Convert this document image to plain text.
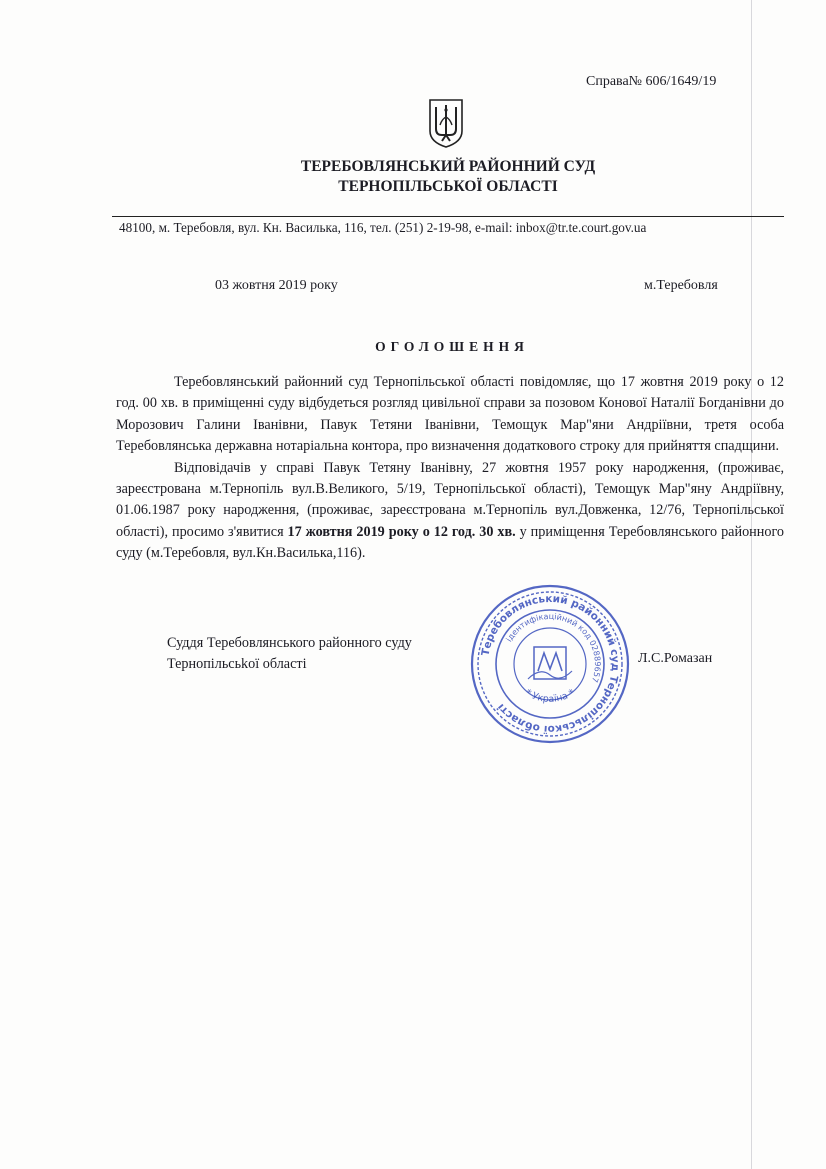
Справа№ 606/1649/19
ТЕРЕБОВЛЯНСЬКИЙ РАЙОННИЙ СУД
ТЕРНОПІЛЬСЬКОЇ ОБЛАСТІ
48100, м. Теребовля, вул. Кн. Василька, 116, тел. (251) 2-19-98, e-mail: inbox@tr.te.court.gov.ua
03 жовтня 2019 року	м.Теребовля
ОГОЛОШЕННЯ

Теребовлянський районний суд Тернопільської області повідомляє, що 17 жовтня 2019 року о 12 год. 00 хв. в приміщенні суду відбудеться розгляд цивільної справи за позовом Конової Наталії Богданівни до Морозович Галини Іванівни, Павук Тетяни Іванівни, Темощук Мар"яни Андріївни, третя особа Теребовлянська державна нотаріальна контора, про визначення додаткового строку для прийняття спадщини.

Відповідачів у справі Павук Тетяну Іванівну, 27 жовтня 1957 року народження, (проживає, зареєстрована м.Тернопіль вул.В.Великого, 5/19, Тернопільської області), Темощук Мар"яну Андріївну, 01.06.1987 року народження, (проживає, зареєстрована м.Тернопіль вул.Довженка, 12/76, Тернопільської області), просимо з'явитися 17 жовтня 2019 року о 12 год. 30 хв. у приміщення Теребовлянського районного суду (м.Теребовля, вул.Кн.Василька,116).

Суддя Теребовлянського районного суду
Тернопільсьkої області	Л.С.Ромазан
Теребовлянський районний суд Тернопільської області
ідентифікаційний код 02889657
* Україна *
